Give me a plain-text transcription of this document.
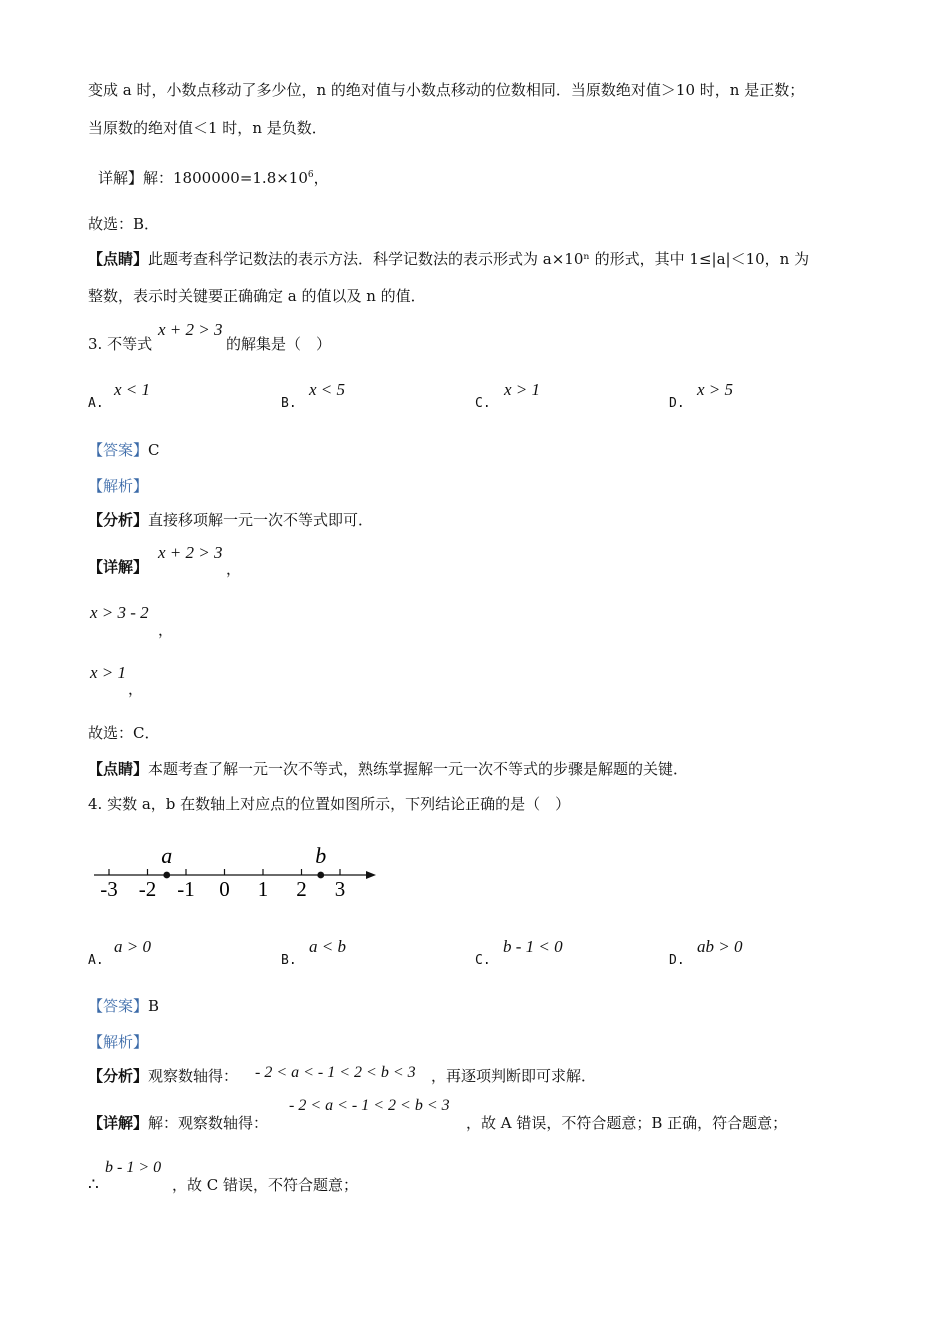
变成 a 时，小数点移动了多少位，n 的绝对值与小数点移动的位数相同．当原数绝对值＞10 时，n 是正数；
当原数的绝对值＜1 时，n 是负数．
详解】解：$1800000=1.8\times 10^6$，
故选：B．
【点睛】此题考查科学记数法的表示方法．科学记数法的表示形式为 a×10ⁿ 的形式，其中 1≤|a|＜10，n 为
整数，表示时关键要正确确定 a 的值以及 n 的值．
3. 不等式
x + 2 > 3
的解集是（　）
A.
x < 1
B.
x < 5
C.
x > 1
D.
x > 5
【答案】C
【解析】
【分析】直接移项解一元一次不等式即可．
【详解】
x + 2 > 3
，
x > 3 - 2
，
x > 1
，
故选：C．
【点睛】本题考查了解一元一次不等式，熟练掌握解一元一次不等式的步骤是解题的关键．
4. 实数 a，b 在数轴上对应点的位置如图所示，下列结论正确的是（　）
-3 -2 -1 0 1 2 3
a	b
A.
a > 0
B.
a < b
C.
b - 1 < 0
D.
ab > 0
【答案】B
【解析】
【分析】观察数轴得： - 2 < a < - 1 < 2 < b < 3 ，再逐项判断即可求解．
【详解】解：观察数轴得：
- 2 < a < - 1 < 2 < b < 3
，故 A 错误，不符合题意；B 正确，符合题意；
∴
b - 1 > 0
，故 C 错误，不符合题意；
